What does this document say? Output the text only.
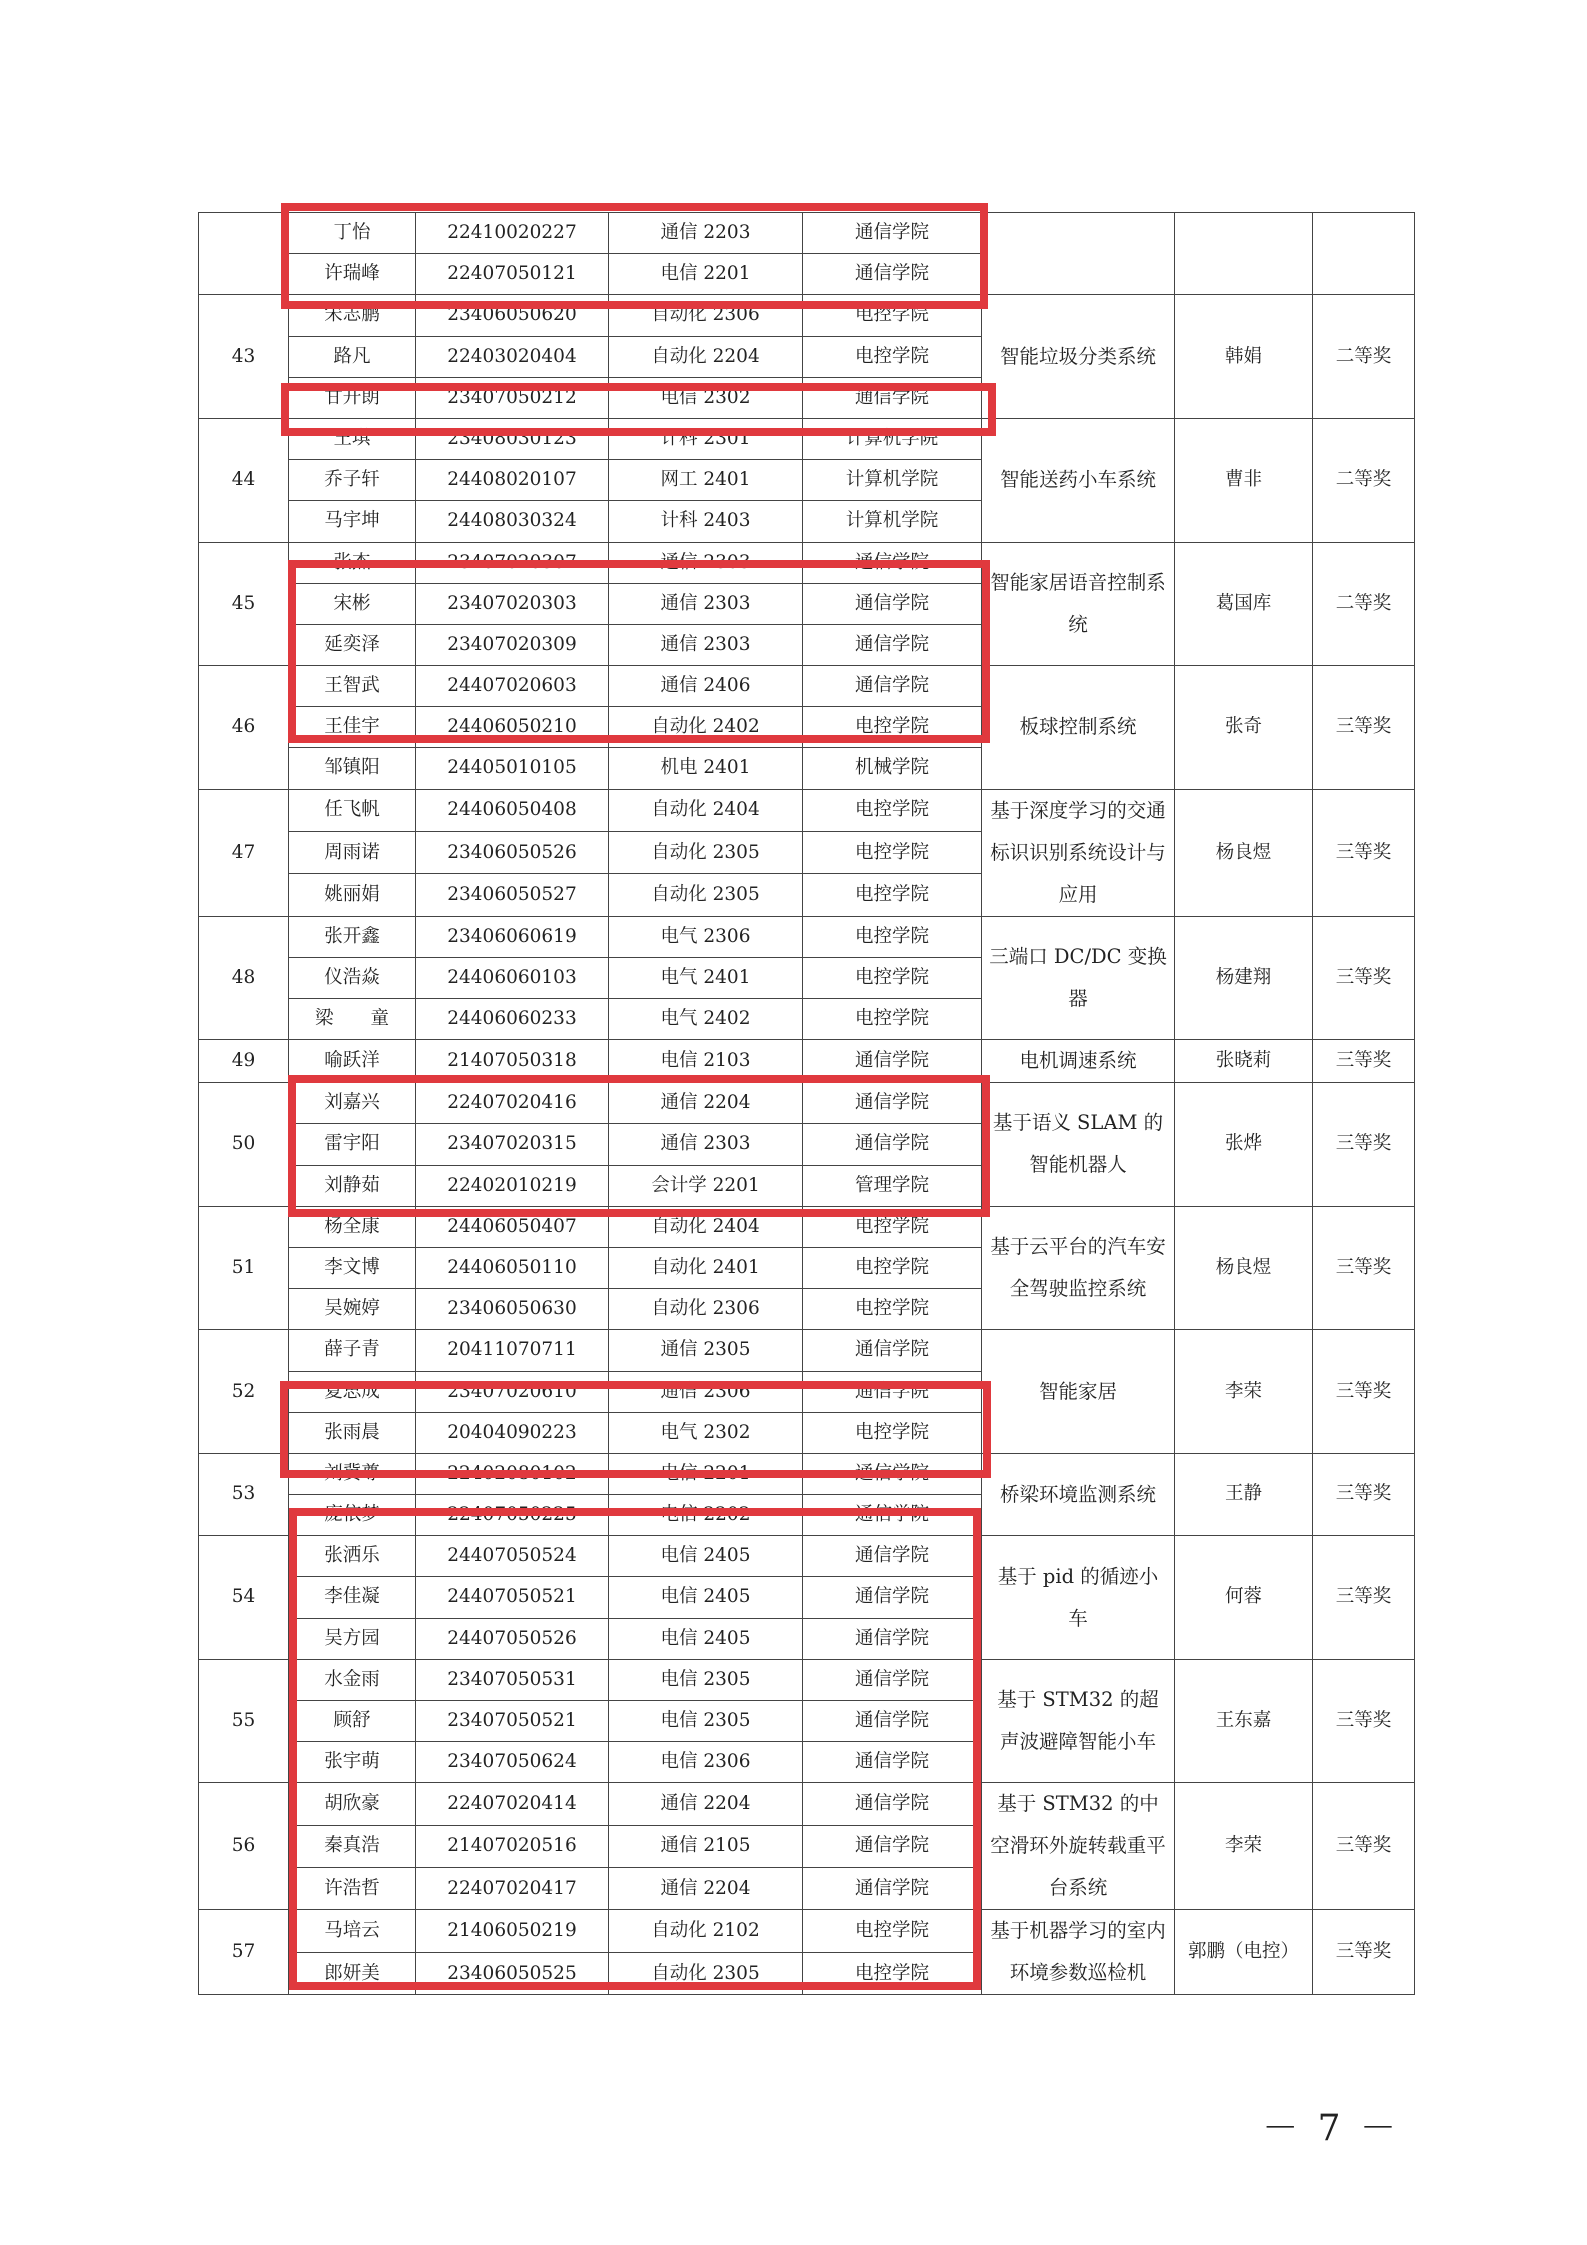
	丁怡	22410020227	通信 2203	通信学院			
	许瑞峰	22407050121	电信 2201	通信学院			
43	宋志鹏	23406050620	自动化 2306	电控学院	智能垃圾分类系统	韩娟	二等奖
	路凡	22403020404	自动化 2204	电控学院			
	甘开朗	23407050212	电信 2302	通信学院			
44	王琪	23408030123	计科 2301	计算机学院	智能送药小车系统	曹非	二等奖
	乔子轩	24408020107	网工 2401	计算机学院			
	马宇坤	24408030324	计科 2403	计算机学院			
45	张杰	23407020307	通信 2303	通信学院	智能家居语音控制系统	葛国库	二等奖
	宋彬	23407020303	通信 2303	通信学院			
	延奕泽	23407020309	通信 2303	通信学院			
46	王智武	24407020603	通信 2406	通信学院	板球控制系统	张奇	三等奖
	王佳宇	24406050210	自动化 2402	电控学院			
	邹镇阳	24405010105	机电 2401	机械学院			
47	任飞帆	24406050408	自动化 2404	电控学院	基于深度学习的交通标识识别系统设计与应用	杨良煜	三等奖
	周雨诺	23406050526	自动化 2305	电控学院			
	姚丽娟	23406050527	自动化 2305	电控学院			
48	张开鑫	23406060619	电气 2306	电控学院	三端口 DC/DC 变换器	杨建翔	三等奖
	仪浩焱	24406060103	电气 2401	电控学院			
	梁　　童	24406060233	电气 2402	电控学院			
49	喻跃洋	21407050318	电信 2103	通信学院	电机调速系统	张晓莉	三等奖
50	刘嘉兴	22407020416	通信 2204	通信学院	基于语义 SLAM 的智能机器人	张烨	三等奖
	雷宇阳	23407020315	通信 2303	通信学院			
	刘静茹	22402010219	会计学 2201	管理学院			
51	杨全康	24406050407	自动化 2404	电控学院	基于云平台的汽车安全驾驶监控系统	杨良煜	三等奖
	李文博	24406050110	自动化 2401	电控学院			
	吴婉婷	23406050630	自动化 2306	电控学院			
52	薛子青	20411070711	通信 2305	通信学院	智能家居	李荣	三等奖
	夏思成	23407020610	通信 2306	通信学院			
	张雨晨	20404090223	电气 2302	电控学院			
53	刘冀尊	22402080102	电信 2201	通信学院	桥梁环境监测系统	王静	三等奖
	庞依梦	22407050225	电信 2202	通信学院			
54	张洒乐	24407050524	电信 2405	通信学院	基于 pid 的循迹小车	何蓉	三等奖
	李佳凝	24407050521	电信 2405	通信学院			
	吴方园	24407050526	电信 2405	通信学院			
55	水金雨	23407050531	电信 2305	通信学院	基于 STM32 的超声波避障智能小车	王东嘉	三等奖
	顾舒	23407050521	电信 2305	通信学院			
	张宇萌	23407050624	电信 2306	通信学院			
56	胡欣豪	22407020414	通信 2204	通信学院	基于 STM32 的中空滑环外旋转载重平台系统	李荣	三等奖
	秦真浩	21407020516	通信 2105	通信学院			
	许浩哲	22407020417	通信 2204	通信学院			
57	马培云	21406050219	自动化 2102	电控学院	基于机器学习的室内环境参数巡检机	郭鹏（电控）	三等奖
	郎妍美	23406050525	自动化 2305	电控学院			
－ 7 －
